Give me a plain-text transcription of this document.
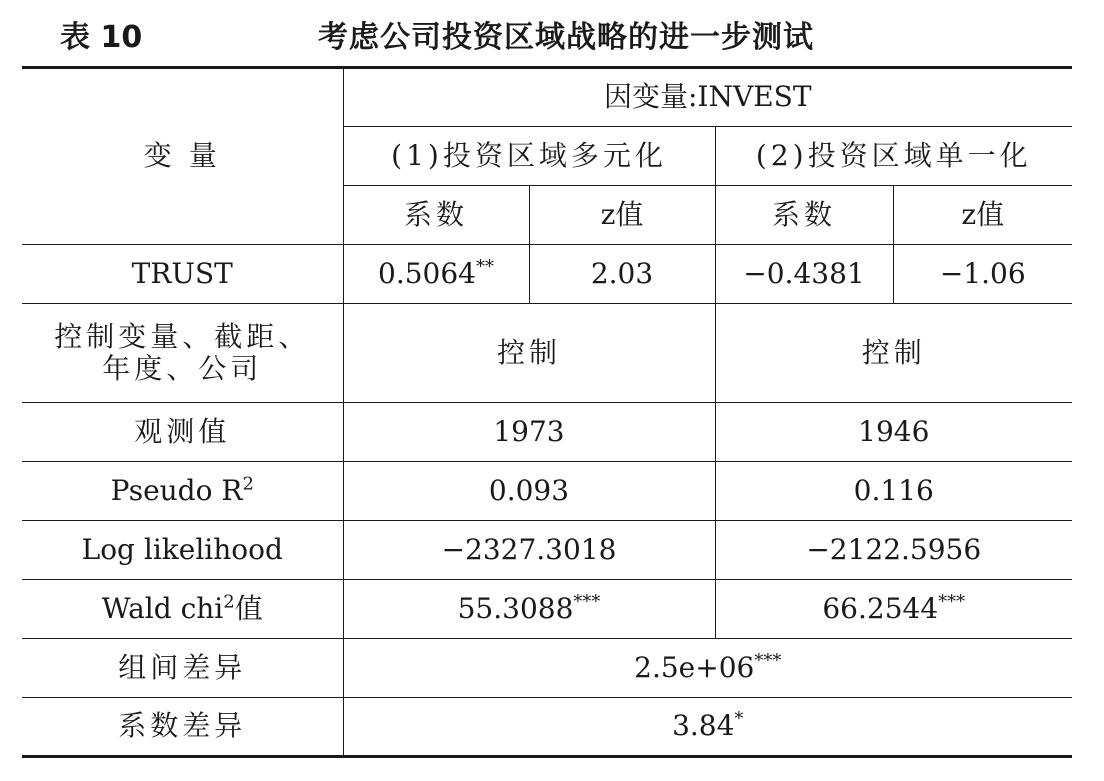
表 10	考虑公司投资区域战略的进一步测试
变 量	因变量:INVEST			
	(1)投资区域多元化		(2)投资区域单一化	
	系数	z值	系数	z值
TRUST	0.5064**	2.03	−0.4381	−1.06
控制变量、截距、年度、公司	控制		控制	
观测值	1973		1946	
Pseudo $R^2$	0.093		0.116	
Log likelihood	−2327.3018		−2122.5956	
Wald chi$^2$值	55.3088***		66.2544***
组间差异	2.5e+06***
系数差异	3.84*
